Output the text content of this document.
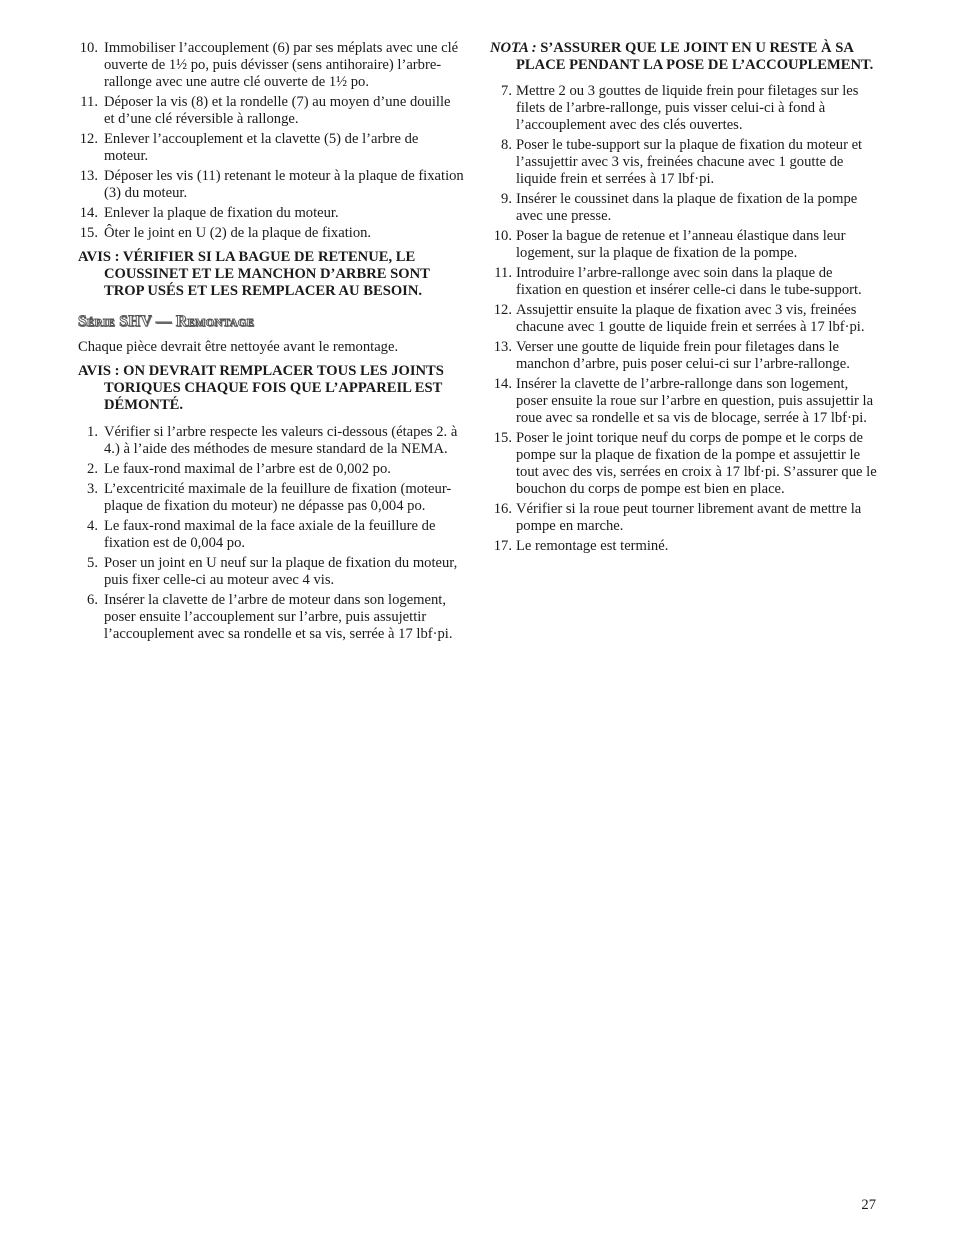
10. Immobiliser l’accouplement (6) par ses méplats avec une clé ouverte de 1½ po, puis dévisser (sens antihoraire) l’arbre-rallonge avec une autre clé ouverte de 1½ po.
11. Déposer la vis (8) et la rondelle (7) au moyen d’une douille et d’une clé réversible à rallonge.
12. Enlever l’accouplement et la clavette (5) de l’arbre de moteur.
13. Déposer les vis (11) retenant le moteur à la plaque de fixation (3) du moteur.
14. Enlever la plaque de fixation du moteur.
15. Ôter le joint en U (2) de la plaque de fixation.
AVIS : VÉRIFIER SI LA BAGUE DE RETENUE, LE COUSSINET ET LE MANCHON D’ARBRE SONT TROP USÉS ET LES REMPLACER AU BESOIN.
Série SHV — Remontage

Chaque pièce devrait être nettoyée avant le remontage.

AVIS : ON DEVRAIT REMPLACER TOUS LES JOINTS TORIQUES CHAQUE FOIS QUE L’APPAREIL EST DÉMONTÉ.
1. Vérifier si l’arbre respecte les valeurs ci-dessous (étapes 2. à 4.) à l’aide des méthodes de mesure standard de la NEMA.
2. Le faux-rond maximal de l’arbre est de 0,002 po.
3. L’excentricité maximale de la feuillure de fixation (moteur-plaque de fixation du moteur) ne dépasse pas 0,004 po.
4. Le faux-rond maximal de la face axiale de la feuillure de fixation est de 0,004 po.
5. Poser un joint en U neuf sur la plaque de fixation du moteur, puis fixer celle-ci au moteur avec 4 vis.
6. Insérer la clavette de l’arbre de moteur dans son logement, poser ensuite l’accouplement sur l’arbre, puis assujettir l’accouplement avec sa rondelle et sa vis, serrée à 17 lbf·pi.
NOTA : S’ASSURER QUE LE JOINT EN U RESTE À SA PLACE PENDANT LA POSE DE L’ACCOUPLEMENT.
7. Mettre 2 ou 3 gouttes de liquide frein pour filetages sur les filets de l’arbre-rallonge, puis visser celui-ci à fond à l’accouplement avec des clés ouvertes.
8. Poser le tube-support sur la plaque de fixation du moteur et l’assujettir avec 3 vis, freinées chacune avec 1 goutte de liquide frein et serrées à 17 lbf·pi.
9. Insérer le coussinet dans la plaque de fixation de la pompe avec une presse.
10. Poser la bague de retenue et l’anneau élastique dans leur logement, sur la plaque de fixation de la pompe.
11. Introduire l’arbre-rallonge avec soin dans la plaque de fixation en question et insérer celle-ci dans le tube-support.
12. Assujettir ensuite la plaque de fixation avec 3 vis, freinées chacune avec 1 goutte de liquide frein et serrées à 17 lbf·pi.
13. Verser une goutte de liquide frein pour filetages dans le manchon d’arbre, puis poser celui-ci sur l’arbre-rallonge.
14. Insérer la clavette de l’arbre-rallonge dans son logement, poser ensuite la roue sur l’arbre en question, puis assujettir la roue avec sa rondelle et sa vis de blocage, serrée à 17 lbf·pi.
15. Poser le joint torique neuf du corps de pompe et le corps de pompe sur la plaque de fixation de la pompe et assujettir le tout avec des vis, serrées en croix à 17 lbf·pi. S’assurer que le bouchon du corps de pompe est bien en place.
16. Vérifier si la roue peut tourner librement avant de mettre la pompe en marche.
17. Le remontage est terminé.
27
